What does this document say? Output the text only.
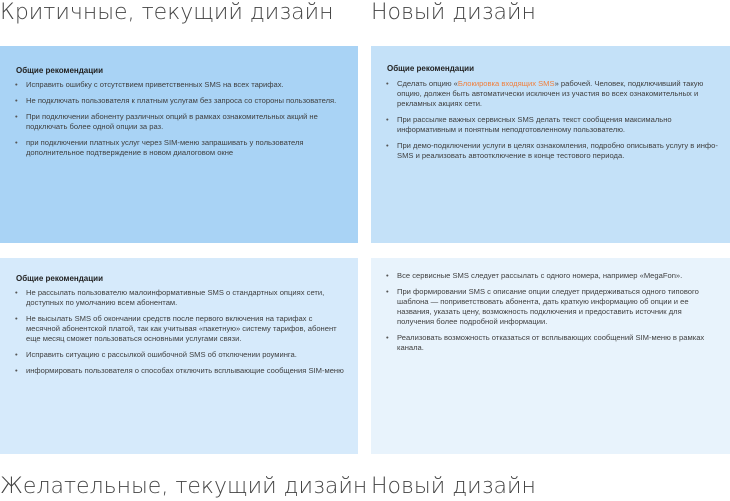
Критичные, текущий дизайн Новый дизайн
Желательные, текущий дизайн Новый дизайн
Общие рекомендации
• Исправить ошибку с отсутствием приветственных SMS на всех тарифах.
• Не подключать пользователя к платным услугам без запроса со стороны пользователя.
• При подключении абоненту различных опций в рамках ознакомительных акций не подключать более одной опции за раз.
• при подключении платных услуг через SIM-меню запрашивать у пользователя дополнительное подтверждение в новом диалоговом окне
Общие рекомендации
• Сделать опцию «Блокировка входящих SMS» рабочей. Человек, подключивший такую опцию, должен быть автоматически исключен из участия во всех ознакомительных и рекламных акциях сети.
• При рассылке важных сервисных SMS делать текст сообщения максимально информативным и понятным неподготовленному пользователю.
• При демо-подключении услуги в целях ознакомления, подробно описывать услугу в инфо-SMS и реализовать автоотключение в конце тестового периода.
Общие рекомендации
• Не рассылать пользователю малоинформативные SMS о стандартных опциях сети, доступных по умолчанию всем абонентам.
• Не высылать SMS об окончании средств после первого включения на тарифах с месячной абонентской платой, так как учитывая «пакетную» систему тарифов, абонент еще месяц сможет пользоваться основными услугами связи.
• Исправить ситуацию с рассылкой ошибочной SMS об отключении роуминга.
• информировать пользователя о способах отключить всплывающие сообщения SIM-меню
• Все сервисные SMS следует рассылать с одного номера, например «MegaFon».
• При формировании SMS с описание опции следует придерживаться одного типового шаблона — поприветствовать абонента, дать краткую информацию об опции и ее названия, указать цену, возможность подключения и предоставить источник для получения более подробной информации.
• Реализовать возможность отказаться от всплывающих сообщений SIM-меню в рамках канала.
